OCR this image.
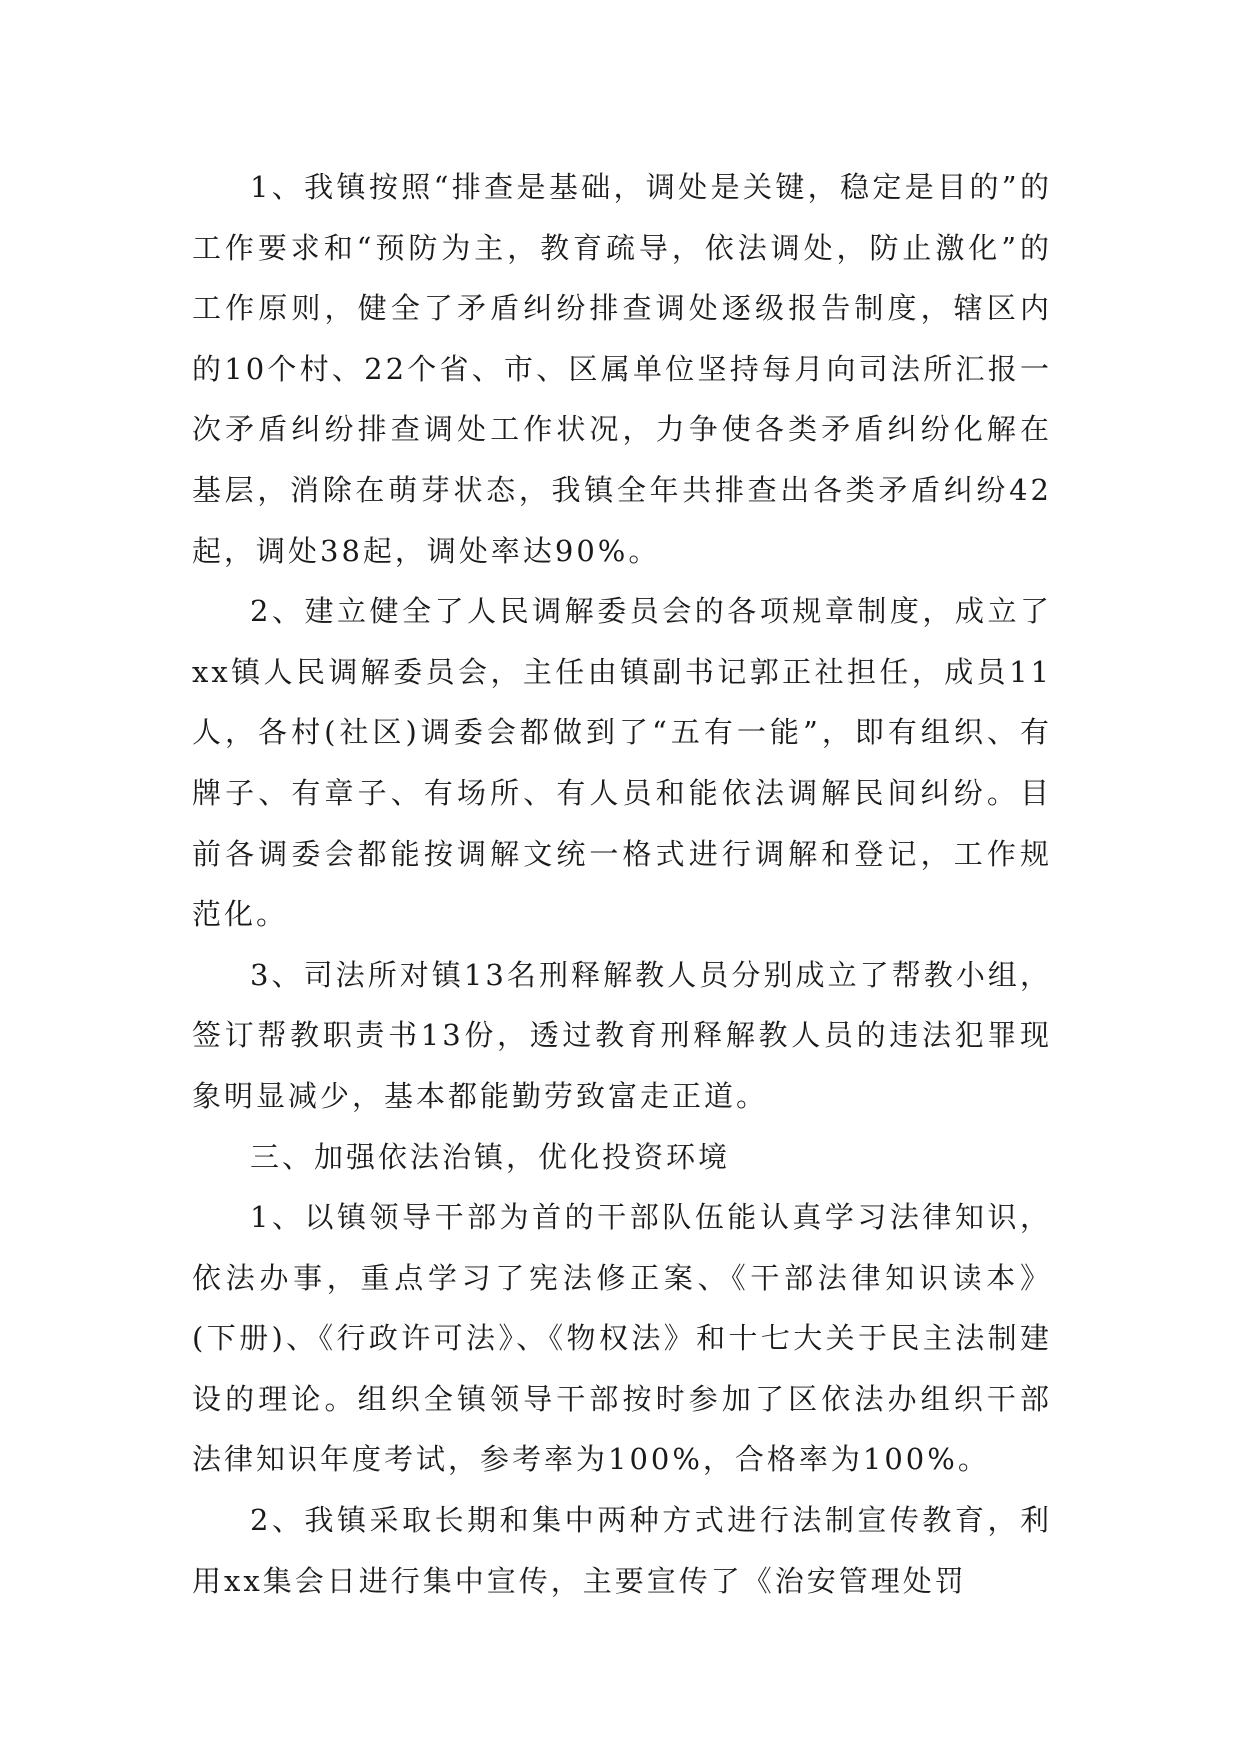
1、我镇按照“排查是基础，调处是关键，稳定是目的”的工作要求和“预防为主，教育疏导，依法调处，防止激化”的工作原则，健全了矛盾纠纷排查调处逐级报告制度，辖区内的10个村、22个省、市、区属单位坚持每月向司法所汇报一次矛盾纠纷排查调处工作状况，力争使各类矛盾纠纷化解在基层，消除在萌芽状态，我镇全年共排查出各类矛盾纠纷42起，调处38起，调处率达90%。

2、建立健全了人民调解委员会的各项规章制度，成立了xx镇人民调解委员会，主任由镇副书记郭正社担任，成员11人，各村(社区)调委会都做到了“五有一能”，即有组织、有牌子、有章子、有场所、有人员和能依法调解民间纠纷。目前各调委会都能按调解文统一格式进行调解和登记，工作规范化。

3、司法所对镇13名刑释解教人员分别成立了帮教小组，签订帮教职责书13份，透过教育刑释解教人员的违法犯罪现象明显减少，基本都能勤劳致富走正道。

三、加强依法治镇，优化投资环境

1、以镇领导干部为首的干部队伍能认真学习法律知识，依法办事，重点学习了宪法修正案、《干部法律知识读本》(下册)、《行政许可法》、《物权法》和十七大关于民主法制建设的理论。组织全镇领导干部按时参加了区依法办组织干部法律知识年度考试，参考率为100%，合格率为100%。

2、我镇采取长期和集中两种方式进行法制宣传教育，利用xx集会日进行集中宣传，主要宣传了《治安管理处罚
